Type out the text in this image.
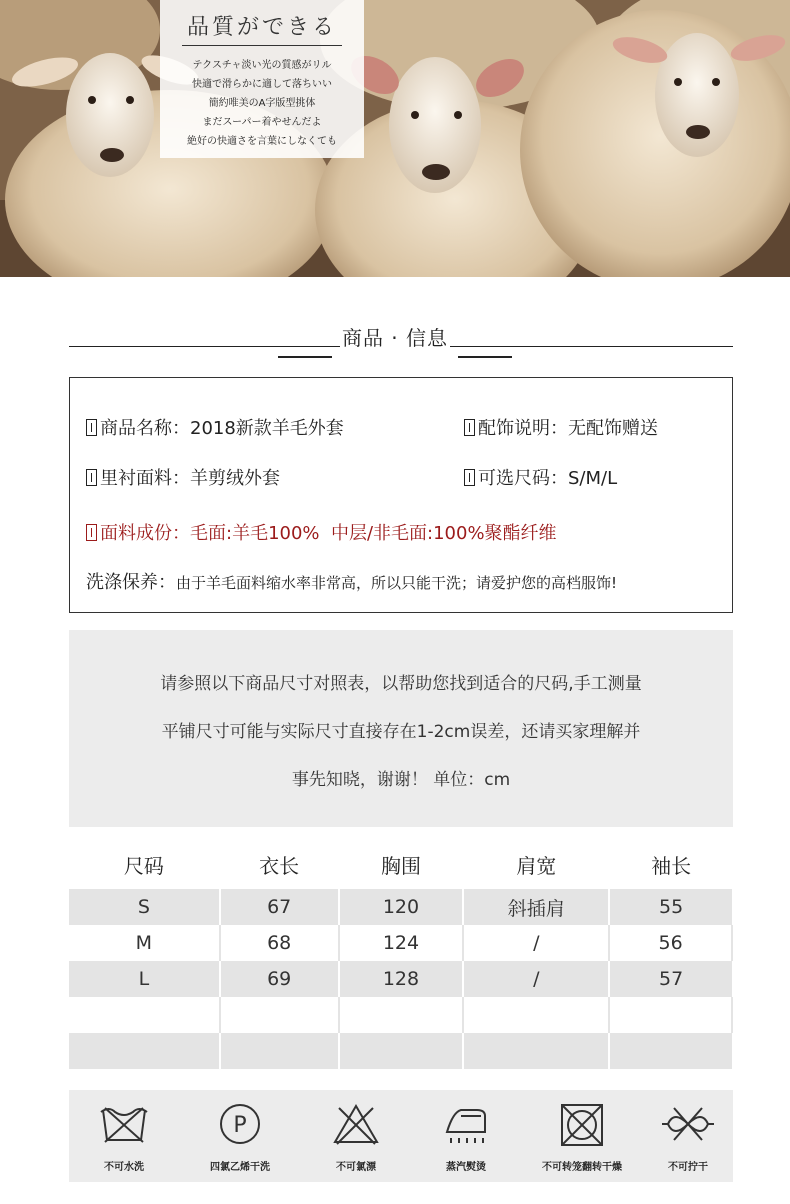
品質ができる
テクスチャ淡い光の質感がリル
快適で滑らかに適して落ちいい
簡約唯美のA字版型挑体
まだスーパー着やせんだよ
絶好の快適さを言葉にしなくても
商品 · 信息
商品名称：2018新款羊毛外套	配饰说明：无配饰赠送
里衬面料：羊剪绒外套	可选尺码：S/M/L
面料成份：毛面:羊毛100%  中层/非毛面:100%聚酯纤维
洗涤保养：由于羊毛面料缩水率非常高，所以只能干洗；请爱护您的高档服饰!
请参照以下商品尺寸对照表，以帮助您找到适合的尺码,手工测量
平铺尺寸可能与实际尺寸直接存在1-2cm误差，还请买家理解并
事先知晓，谢谢！ 单位：cm
尺码	衣长	胸围	肩宽	袖长
S	67	120	斜插肩	55
M	68	124	/	56
L	69	128	/	57

不可水洗
P
四氯乙烯干洗	不可氯漂	蒸汽熨烫	不可转笼翻转干燥	不可拧干
